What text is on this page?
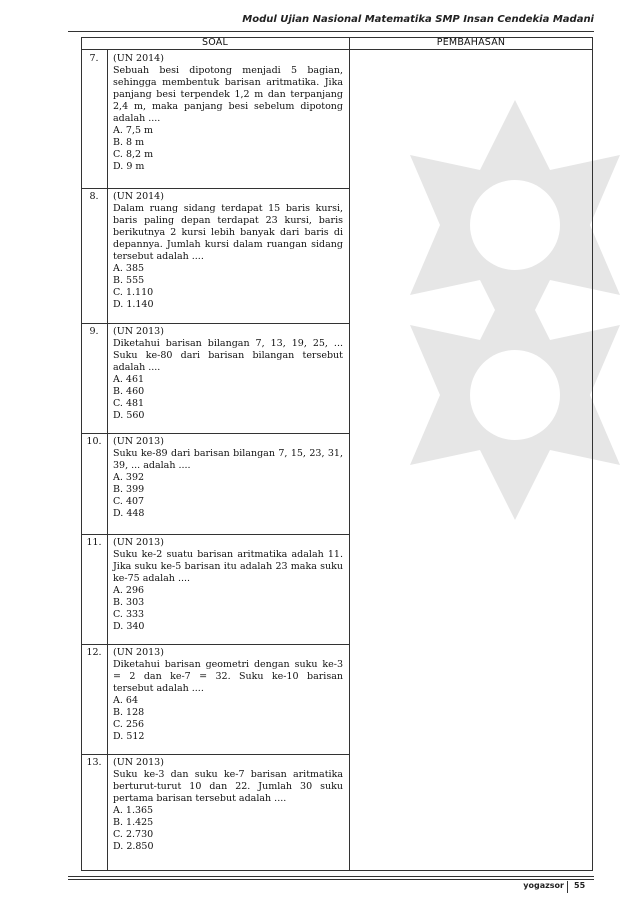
Modul Ujian Nasional Matematika SMP Insan Cendekia Madani
SOAL	PEMBAHASAN
7.	(UN 2014)
Sebuah besi dipotong menjadi 5 bagian, sehingga membentuk barisan aritmatika. Jika panjang besi terpendek 1,2 m dan terpanjang 2,4 m, maka panjang besi sebelum dipotong adalah ....
A. 7,5 m
B. 8 m
C. 8,2 m
D. 9 m
8.	(UN 2014)
Dalam ruang sidang terdapat 15 baris kursi, baris paling depan terdapat 23 kursi, baris berikutnya 2 kursi lebih banyak dari baris di depannya. Jumlah kursi dalam ruangan sidang tersebut adalah ....
A. 385
B. 555
C. 1.110
D. 1.140
9.	(UN 2013)
Diketahui barisan bilangan 7, 13, 19, 25, ... Suku ke-80 dari barisan bilangan tersebut adalah ....
A. 461
B. 460
C. 481
D. 560
10.	(UN 2013)
Suku ke-89 dari barisan bilangan 7, 15, 23, 31, 39, ... adalah ....
A. 392
B. 399
C. 407
D. 448
11.	(UN 2013)
Suku ke-2 suatu barisan aritmatika adalah 11. Jika suku ke-5 barisan itu adalah 23 maka suku ke-75 adalah ....
A. 296
B. 303
C. 333
D. 340
12.	(UN 2013)
Diketahui barisan geometri dengan suku ke-3 = 2 dan ke-7 = 32. Suku ke-10 barisan tersebut adalah ....
A. 64
B. 128
C. 256
D. 512
13.	(UN 2013)
Suku ke-3 dan suku ke-7 barisan aritmatika berturut-turut 10 dan 22. Jumlah 30 suku pertama barisan tersebut adalah ....
A. 1.365
B. 1.425
C. 2.730
D. 2.850
yogazsor 55
